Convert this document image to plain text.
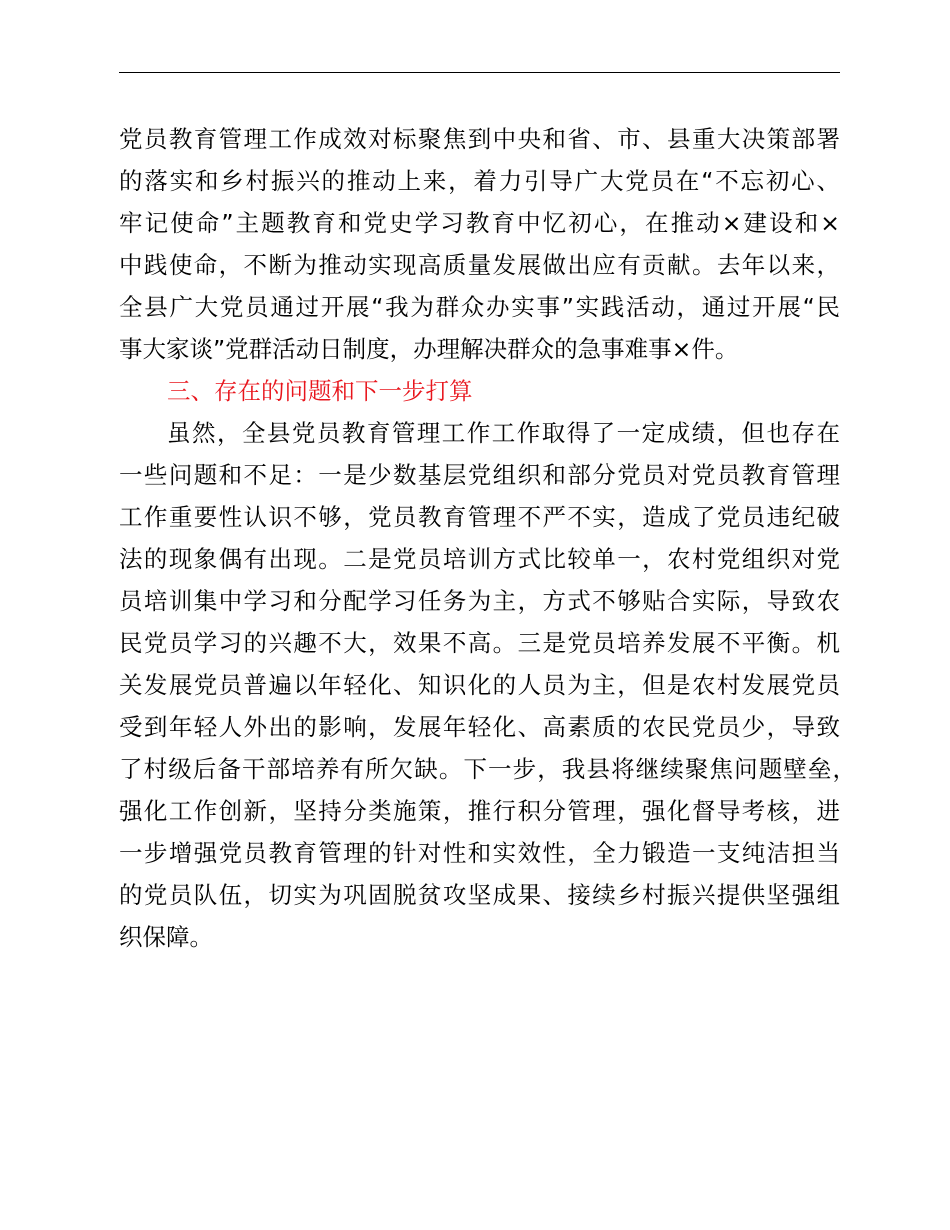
党员教育管理工作成效对标聚焦到中央和省、市、县重大决策部署
的落实和乡村振兴的推动上来，着力引导广大党员在“不忘初心、
牢记使命”主题教育和党史学习教育中忆初心，在推动×建设和×
中践使命，不断为推动实现高质量发展做出应有贡献。去年以来，
全县广大党员通过开展“我为群众办实事”实践活动，通过开展“民
事大家谈”党群活动日制度，办理解决群众的急事难事×件。
三、存在的问题和下一步打算
虽然，全县党员教育管理工作工作取得了一定成绩，但也存在
一些问题和不足：一是少数基层党组织和部分党员对党员教育管理
工作重要性认识不够，党员教育管理不严不实，造成了党员违纪破
法的现象偶有出现。二是党员培训方式比较单一，农村党组织对党
员培训集中学习和分配学习任务为主，方式不够贴合实际，导致农
民党员学习的兴趣不大，效果不高。三是党员培养发展不平衡。机
关发展党员普遍以年轻化、知识化的人员为主，但是农村发展党员
受到年轻人外出的影响，发展年轻化、高素质的农民党员少，导致
了村级后备干部培养有所欠缺。下一步，我县将继续聚焦问题壁垒，
强化工作创新，坚持分类施策，推行积分管理，强化督导考核，进
一步增强党员教育管理的针对性和实效性，全力锻造一支纯洁担当
的党员队伍，切实为巩固脱贫攻坚成果、接续乡村振兴提供坚强组
织保障。
